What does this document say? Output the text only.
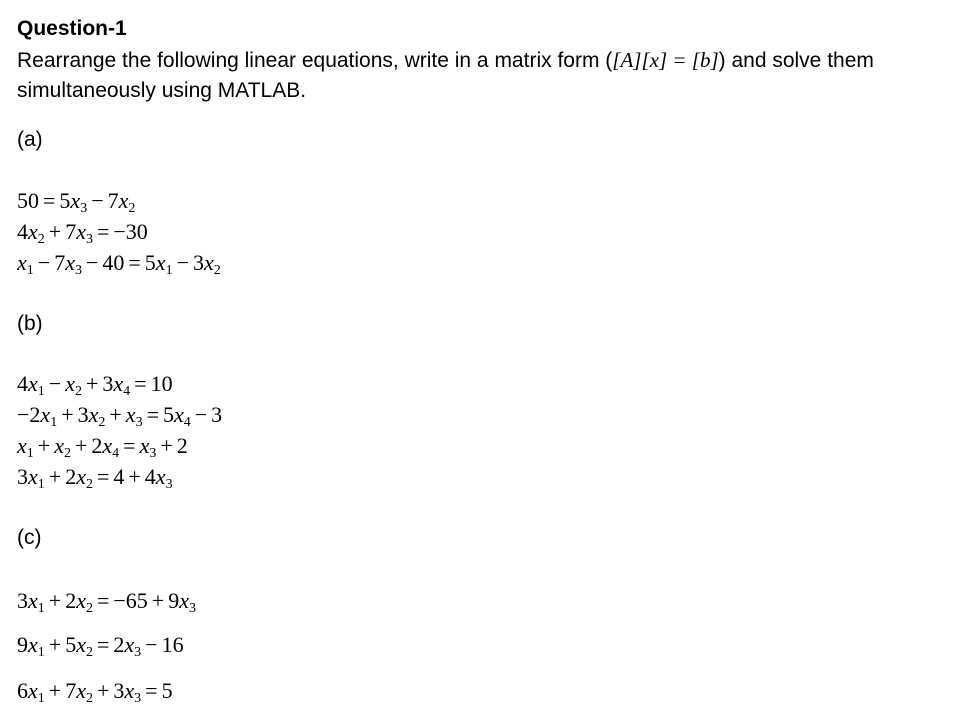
Question-1
Rearrange the following linear equations, write in a matrix form ([A][x] = [b]) and solve them
simultaneously using MATLAB.
(a)
$50 = 5x_3 - 7x_2$
$4x_2 + 7x_3 = -30$
$x_1 - 7x_3 - 40 = 5x_1 - 3x_2$
(b)
$4x_1 - x_2 + 3x_4 = 10$
$-2x_1 + 3x_2 + x_3 = 5x_4 - 3$
$x_1 + x_2 + 2x_4 = x_3 + 2$
$3x_1 + 2x_2 = 4 + 4x_3$
(c)
$3x_1 + 2x_2 = -65 + 9x_3$
$9x_1 + 5x_2 = 2x_3 - 16$
$6x_1 + 7x_2 + 3x_3 = 5$
